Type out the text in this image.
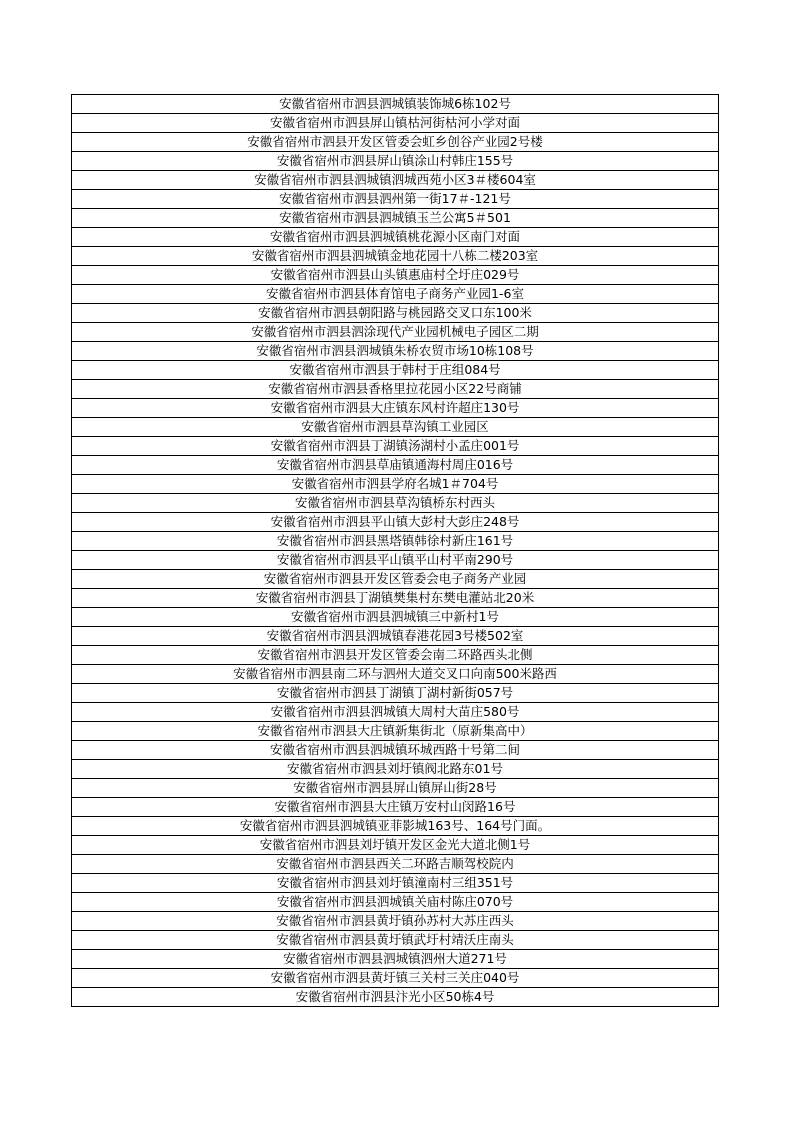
安徽省宿州市泗县泗城镇装饰城6栋102号
安徽省宿州市泗县屏山镇枯河街枯河小学对面
安徽省宿州市泗县开发区管委会虹乡创谷产业园2号楼
安徽省宿州市泗县屏山镇涂山村韩庄155号
安徽省宿州市泗县泗城镇泗城西苑小区3＃楼604室
安徽省宿州市泗县泗州第一街17＃-121号
安徽省宿州市泗县泗城镇玉兰公寓5＃501
安徽省宿州市泗县泗城镇桃花源小区南门对面
安徽省宿州市泗县泗城镇金地花园十八栋二楼203室
安徽省宿州市泗县山头镇惠庙村仝圩庄029号
安徽省宿州市泗县体育馆电子商务产业园1-6室
安徽省宿州市泗县朝阳路与桃园路交叉口东100米
安徽省宿州市泗县泗涂现代产业园机械电子园区二期
安徽省宿州市泗县泗城镇朱桥农贸市场10栋108号
安徽省宿州市泗县于韩村于庄组084号
安徽省宿州市泗县香格里拉花园小区22号商铺
安徽省宿州市泗县大庄镇东风村许超庄130号
安徽省宿州市泗县草沟镇工业园区
安徽省宿州市泗县丁湖镇汤湖村小孟庄001号
安徽省宿州市泗县草庙镇通海村周庄016号
安徽省宿州市泗县学府名城1＃704号
安徽省宿州市泗县草沟镇桥东村西头
安徽省宿州市泗县平山镇大彭村大彭庄248号
安徽省宿州市泗县黑塔镇韩徐村新庄161号
安徽省宿州市泗县平山镇平山村平南290号
安徽省宿州市泗县开发区管委会电子商务产业园
安徽省宿州市泗县丁湖镇樊集村东樊电灌站北20米
安徽省宿州市泗县泗城镇三中新村1号
安徽省宿州市泗县泗城镇春港花园3号楼502室
安徽省宿州市泗县开发区管委会南二环路西头北侧
安徽省宿州市泗县南二环与泗州大道交叉口向南500米路西
安徽省宿州市泗县丁湖镇丁湖村新街057号
安徽省宿州市泗县泗城镇大周村大苗庄580号
安徽省宿州市泗县大庄镇新集街北（原新集高中）
安徽省宿州市泗县泗城镇环城西路十号第二间
安徽省宿州市泗县刘圩镇阀北路东01号
安徽省宿州市泗县屏山镇屏山街28号
安徽省宿州市泗县大庄镇万安村山闵路16号
安徽省宿州市泗县泗城镇亚菲影城163号、164号门面。
安徽省宿州市泗县刘圩镇开发区金光大道北侧1号
安徽省宿州市泗县西关二环路吉顺驾校院内
安徽省宿州市泗县刘圩镇潼南村三组351号
安徽省宿州市泗县泗城镇关庙村陈庄070号
安徽省宿州市泗县黄圩镇孙苏村大苏庄西头
安徽省宿州市泗县黄圩镇武圩村靖沃庄南头
安徽省宿州市泗县泗城镇泗州大道271号
安徽省宿州市泗县黄圩镇三关村三关庄040号
安徽省宿州市泗县汴光小区50栋4号
